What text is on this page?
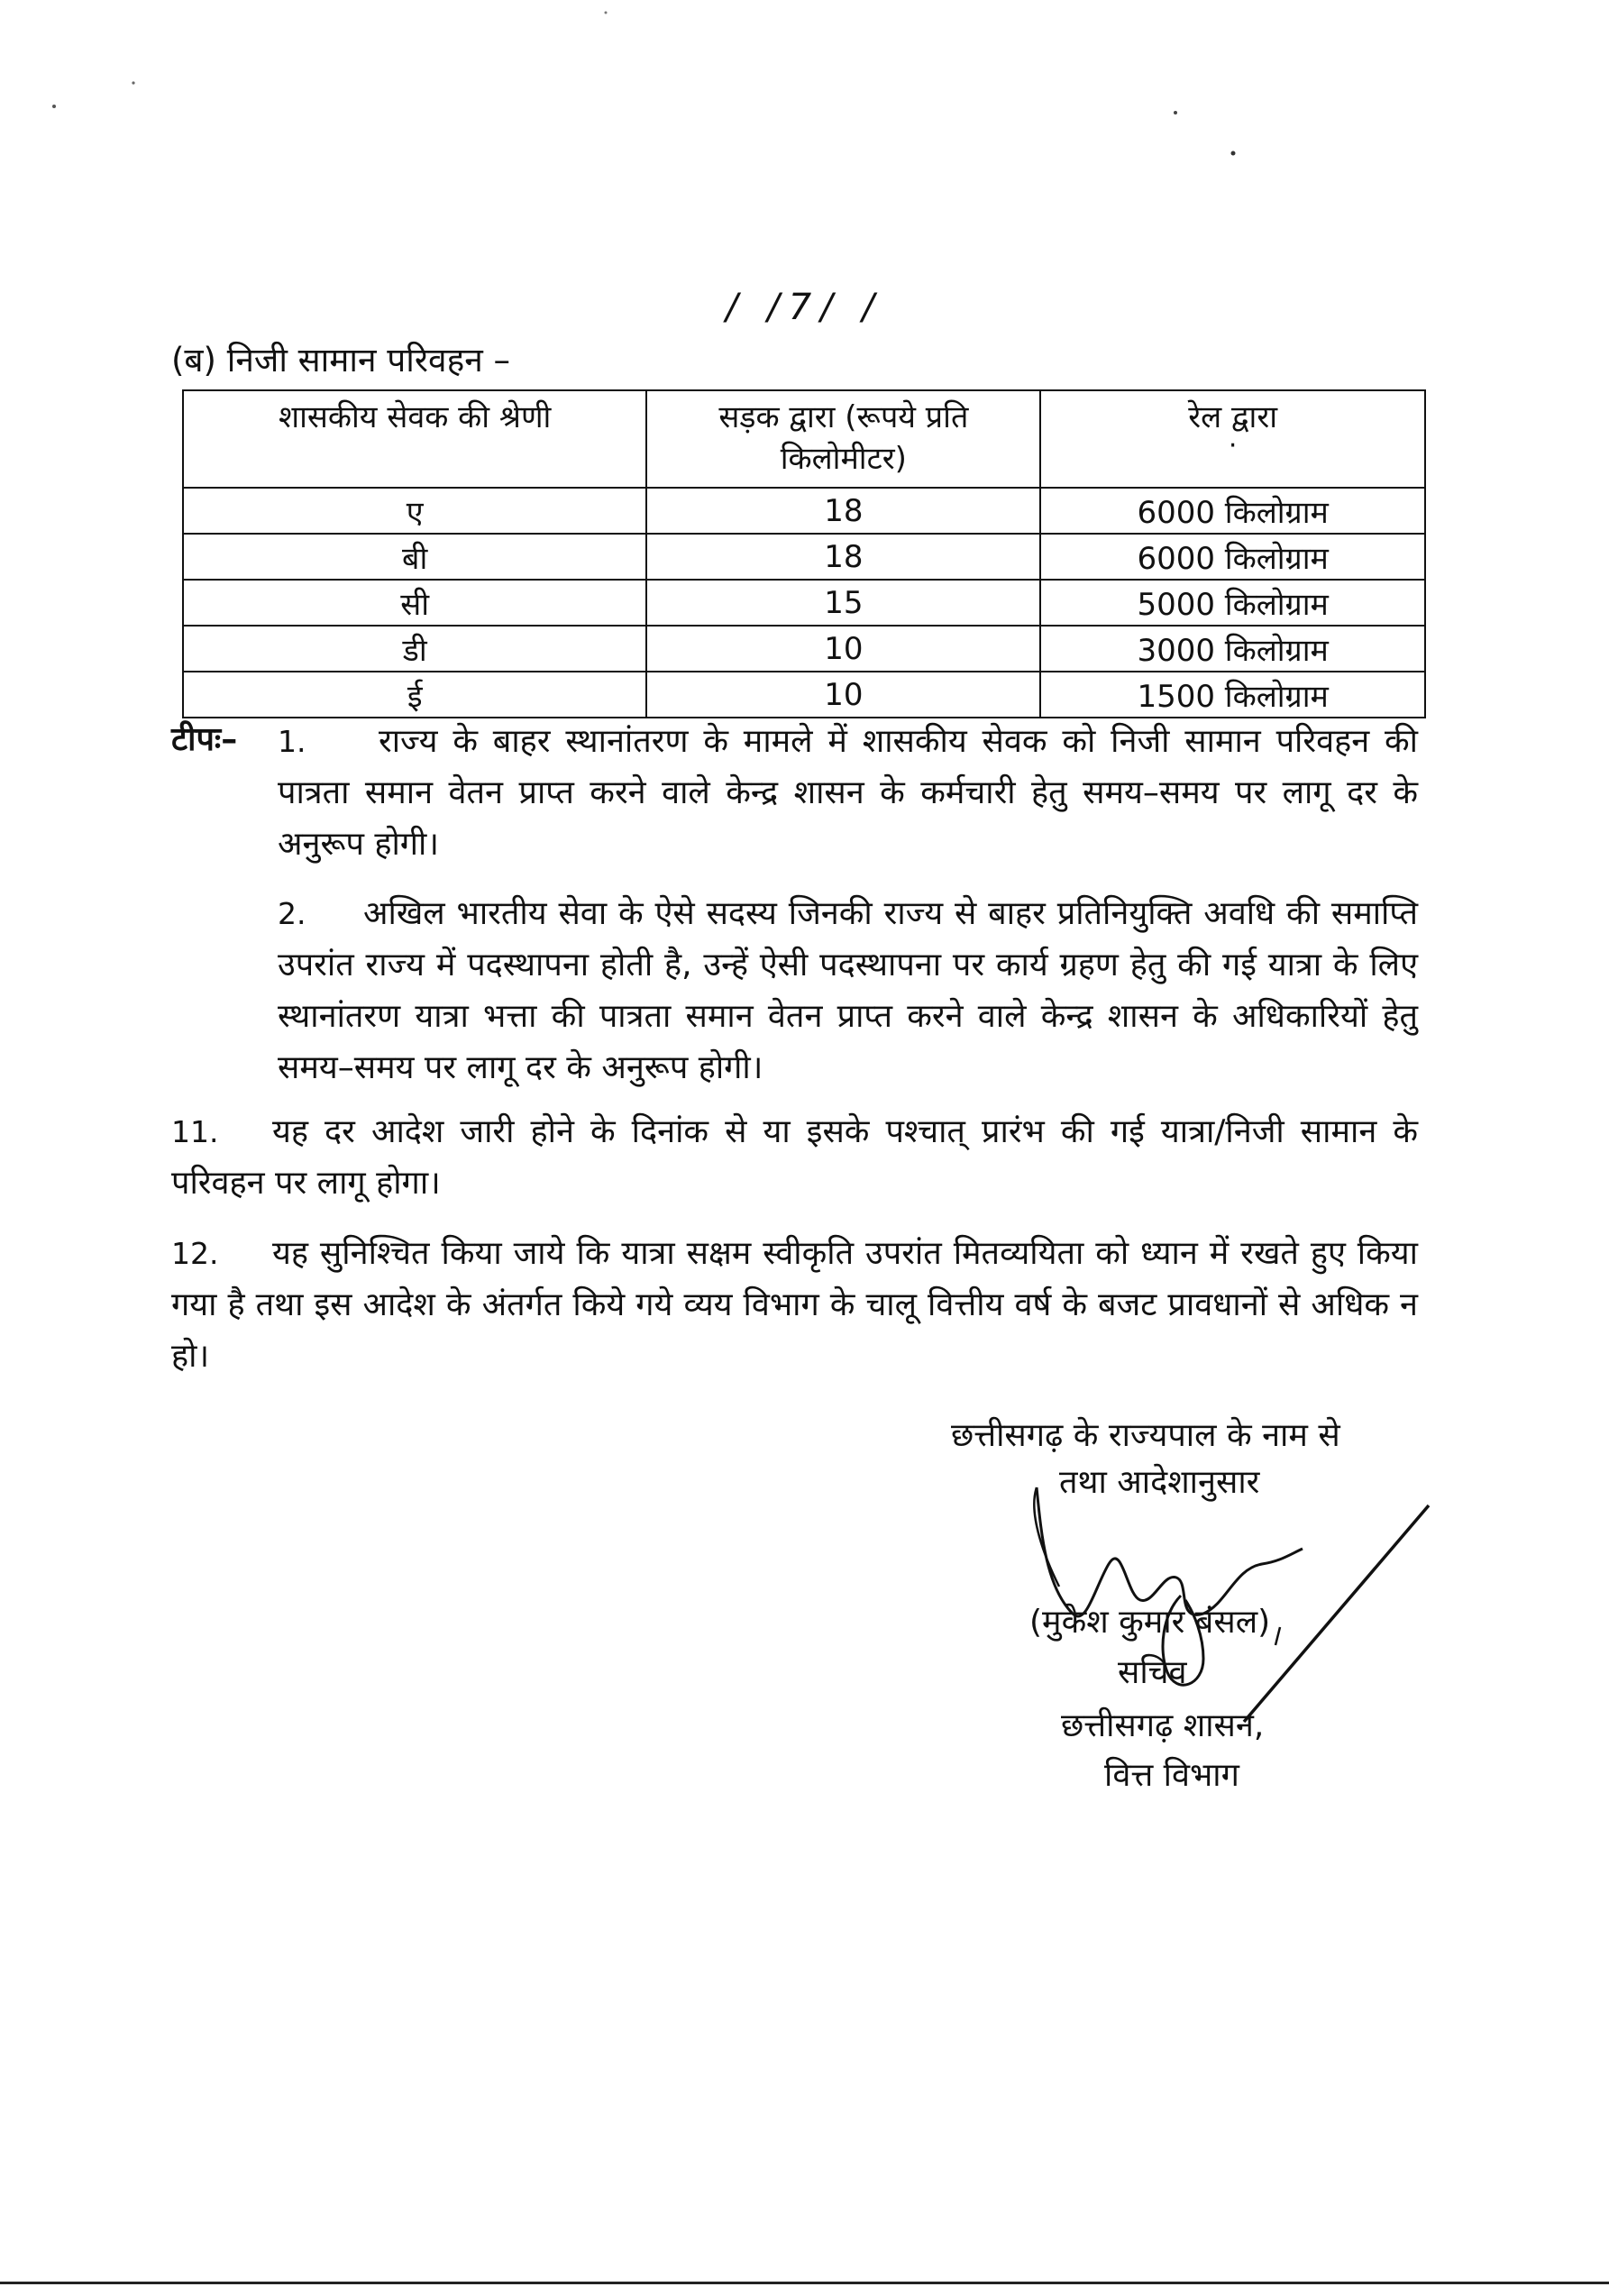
/ /7/ /
(ब) निजी सामान परिवहन –
शासकीय सेवक की श्रेणी	सड़क द्वारा (रूपये प्रति किलोमीटर)	रेल द्वारा
·

ए	18	6000 किलोग्राम
बी	18	6000 किलोग्राम
सी	15	5000 किलोग्राम
डी	10	3000 किलोग्राम
ई	10	1500 किलोग्राम
टीपः– 1. राज्य के बाहर स्थानांतरण के मामले में शासकीय सेवक को निजी सामान परिवहन की पात्रता समान वेतन प्राप्त करने वाले केन्द्र शासन के कर्मचारी हेतु समय–समय पर लागू दर के अनुरूप होगी।
2. अखिल भारतीय सेवा के ऐसे सदस्य जिनकी राज्य से बाहर प्रतिनियुक्ति अवधि की समाप्ति उपरांत राज्य में पदस्थापना होती है, उन्हें ऐसी पदस्थापना पर कार्य ग्रहण हेतु की गई यात्रा के लिए स्थानांतरण यात्रा भत्ता की पात्रता समान वेतन प्राप्त करने वाले केन्द्र शासन के अधिकारियों हेतु समय–समय पर लागू दर के अनुरूप होगी।
11. यह दर आदेश जारी होने के दिनांक से या इसके पश्चात् प्रारंभ की गई यात्रा/निजी सामान के परिवहन पर लागू होगा।
12. यह सुनिश्चित किया जाये कि यात्रा सक्षम स्वीकृति उपरांत मितव्ययिता को ध्यान में रखते हुए किया गया है तथा इस आदेश के अंतर्गत किये गये व्यय विभाग के चालू वित्तीय वर्ष के बजट प्रावधानों से अधिक न हो।
छत्तीसगढ़ के राज्यपाल के नाम से
तथा आदेशानुसार
(मुकेश कुमार बंसल)
सचिव
छत्तीसगढ़ शासन,
वित्त विभाग
